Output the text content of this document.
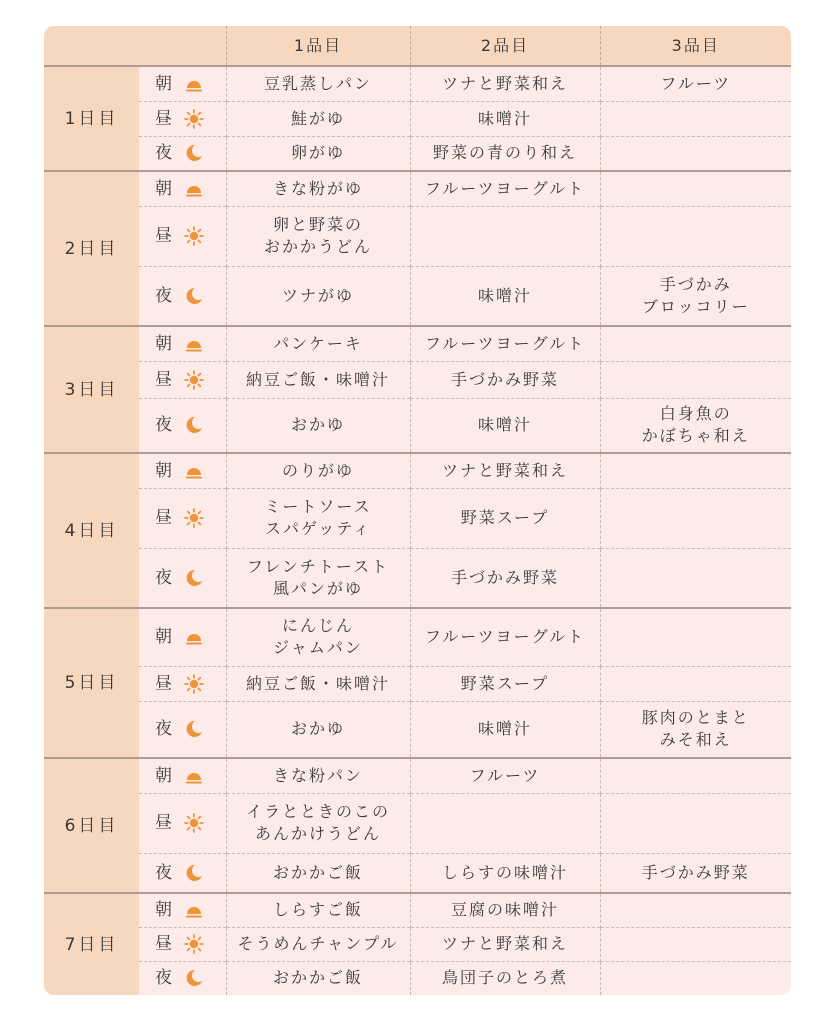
		1品目	2品目	3品目
1日目	朝	豆乳蒸しパン	ツナと野菜和え	フルーツ

	昼	鮭がゆ	味噌汁	

	夜	卵がゆ	野菜の青のり和え	
2日目	朝	きな粉がゆ	フルーツヨーグルト	

	昼	卵と野菜の
おかかうどん		

	夜	ツナがゆ	味噌汁	手づかみ
ブロッコリー
3日目	朝	パンケーキ	フルーツヨーグルト	

	昼	納豆ご飯・味噌汁	手づかみ野菜	

	夜	おかゆ	味噌汁	白身魚の
かぼちゃ和え
4日目	朝	のりがゆ	ツナと野菜和え	

	昼	ミートソース
スパゲッティ	野菜スープ	

	夜	フレンチトースト
風パンがゆ	手づかみ野菜	
5日目	朝	にんじん
ジャムパン	フルーツヨーグルト	

	昼	納豆ご飯・味噌汁	野菜スープ	

	夜	おかゆ	味噌汁	豚肉のとまと
みそ和え
6日目	朝	きな粉パン	フルーツ	

	昼	イラとときのこの
あんかけうどん		

	夜	おかかご飯	しらすの味噌汁	手づかみ野菜
7日目	朝	しらすご飯	豆腐の味噌汁	

	昼	そうめんチャンプル	ツナと野菜和え	

	夜	おかかご飯	鳥団子のとろ煮	
